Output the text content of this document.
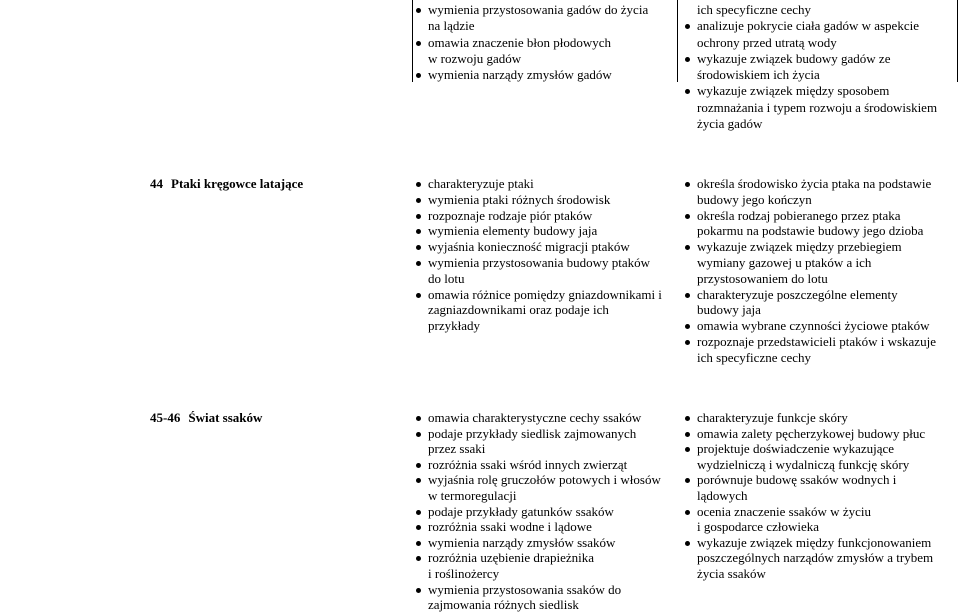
wymienia przystosowania gadów do życia
na lądzie
omawia znaczenie błon płodowych
w rozwoju gadów
wymienia narządy zmysłów gadów
ich specyficzne cechy
analizuje pokrycie ciała gadów w aspekcie
ochrony przed utratą wody
wykazuje związek budowy gadów ze
środowiskiem ich życia
wykazuje związek między sposobem
rozmnażania i typem rozwoju a środowiskiem
życia gadów
44 Ptaki kręgowce latające	charakteryzuje ptaki
wymienia ptaki różnych środowisk
rozpoznaje rodzaje piór ptaków
wymienia elementy budowy jaja
wyjaśnia konieczność migracji ptaków
wymienia przystosowania budowy ptaków
do lotu
omawia różnice pomiędzy gniazdownikami i
zagniazdownikami oraz podaje ich
przykłady
określa środowisko życia ptaka na podstawie
budowy jego kończyn
określa rodzaj pobieranego przez ptaka
pokarmu na podstawie budowy jego dzioba
wykazuje związek między przebiegiem
wymiany gazowej u ptaków a ich
przystosowaniem do lotu
charakteryzuje poszczególne elementy
budowy jaja
omawia wybrane czynności życiowe ptaków
rozpoznaje przedstawicieli ptaków i wskazuje
ich specyficzne cechy
45-46 Świat ssaków	omawia charakterystyczne cechy ssaków
podaje przykłady siedlisk zajmowanych
przez ssaki
rozróżnia ssaki wśród innych zwierząt
wyjaśnia rolę gruczołów potowych i włosów
w termoregulacji
podaje przykłady gatunków ssaków
rozróżnia ssaki wodne i lądowe
wymienia narządy zmysłów ssaków
rozróżnia uzębienie drapieżnika
i roślinożercy
wymienia przystosowania ssaków do
zajmowania różnych siedlisk
charakteryzuje funkcje skóry
omawia zalety pęcherzykowej budowy płuc
projektuje doświadczenie wykazujące
wydzielniczą i wydalniczą funkcję skóry
porównuje budowę ssaków wodnych i
lądowych
ocenia znaczenie ssaków w życiu
i gospodarce człowieka
wykazuje związek między funkcjonowaniem
poszczególnych narządów zmysłów a trybem
życia ssaków
